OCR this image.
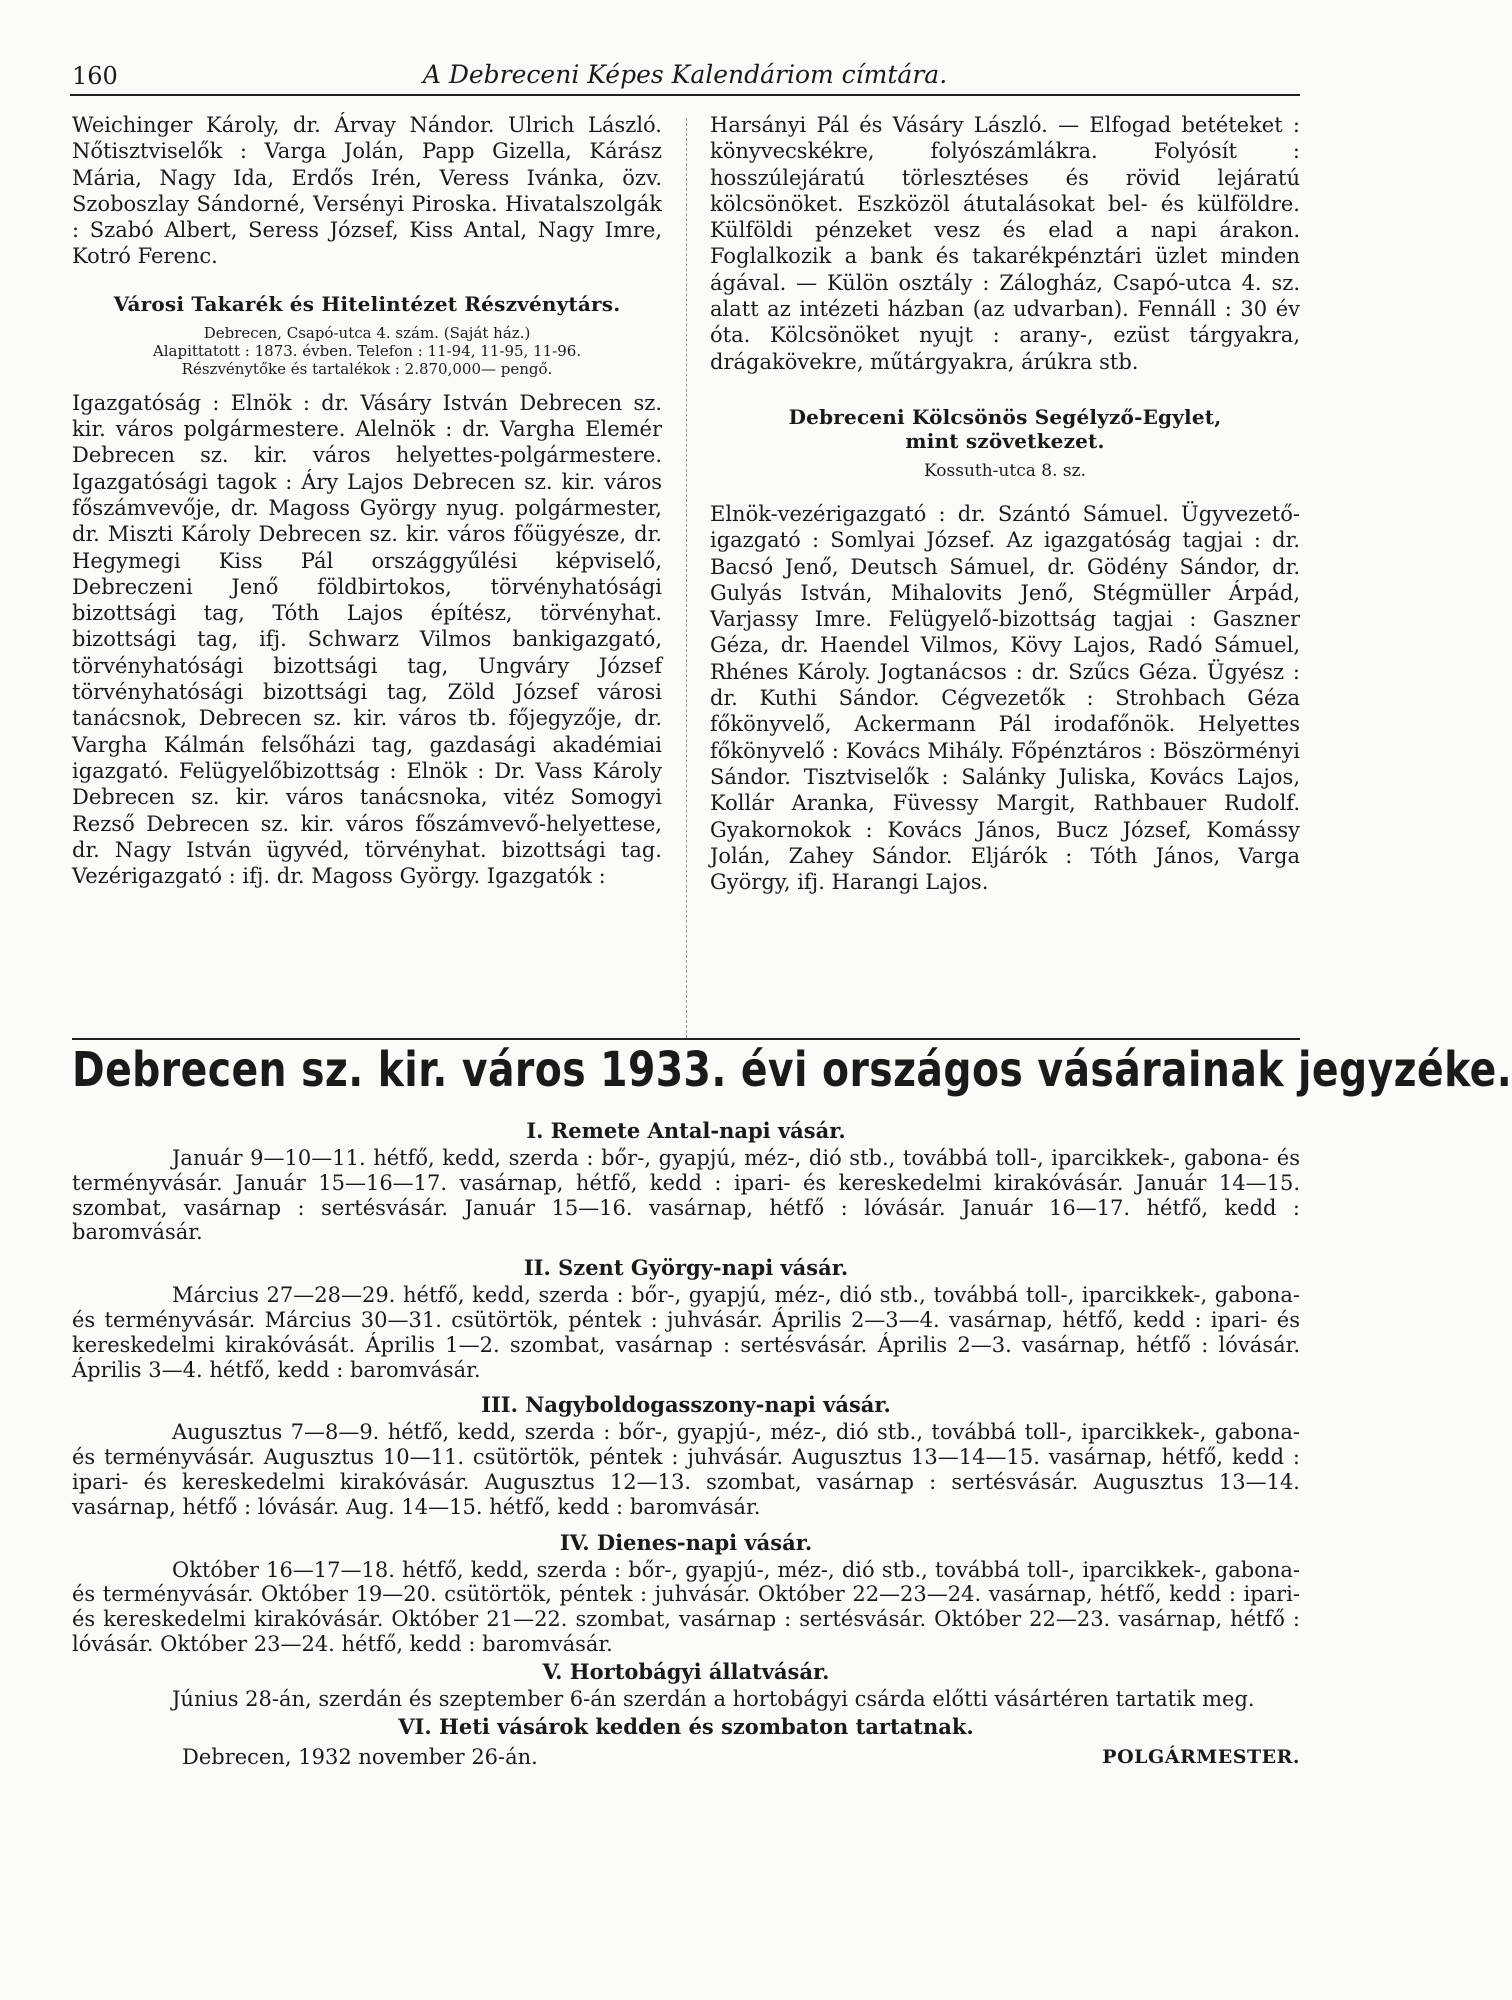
160	A Debreceni Képes Kalendáriom címtára.

Weichinger Károly, dr. Árvay Nándor. Ulrich László. Nőtisztviselők : Varga Jolán, Papp Gizella, Kárász Mária, Nagy Ida, Erdős Irén, Veress Ivánka, özv. Szoboszlay Sándorné, Versényi Piroska. Hivatalszolgák : Szabó Albert, Seress József, Kiss Antal, Nagy Imre, Kotró Ferenc.

Városi Takarék és Hitelintézet Részvénytárs.

Debrecen, Csapó-utca 4. szám. (Saját ház.)

Alapittatott : 1873. évben. Telefon : 11-94, 11-95, 11-96.

Részvénytőke és tartalékok : 2.870,000— pengő.

Igazgatóság : Elnök : dr. Vásáry István Debrecen sz. kir. város polgármestere. Alelnök : dr. Vargha Elemér Debrecen sz. kir. város helyettes-polgármestere. Igazgatósági tagok : Áry Lajos Debrecen sz. kir. város főszámvevője, dr. Magoss György nyug. polgármester, dr. Miszti Károly Debrecen sz. kir. város főügyésze, dr. Hegymegi Kiss Pál országgyűlési képviselő, Debreczeni Jenő földbirtokos, törvényhatósági bizottsági tag, Tóth Lajos építész, törvényhat. bizottsági tag, ifj. Schwarz Vilmos bankigazgató, törvényhatósági bizottsági tag, Ungváry József törvényhatósági bizottsági tag, Zöld József városi tanácsnok, Debrecen sz. kir. város tb. főjegyzője, dr. Vargha Kálmán felsőházi tag, gazdasági akadémiai igazgató. Felügyelőbizottság : Elnök : Dr. Vass Károly Debrecen sz. kir. város tanácsnoka, vitéz Somogyi Rezső Debrecen sz. kir. város főszámvevő-helyettese, dr. Nagy István ügyvéd, törvényhat. bizottsági tag. Vezérigazgató : ifj. dr. Magoss György. Igazgatók :

Harsányi Pál és Vásáry László. — Elfogad betéteket : könyvecskékre, folyószámlákra. Folyósít : hosszúlejáratú törlesztéses és rövid lejáratú kölcsönöket. Eszközöl átutalásokat bel- és külföldre. Külföldi pénzeket vesz és elad a napi árakon. Foglalkozik a bank és takarékpénztári üzlet minden ágával. — Külön osztály : Zálogház, Csapó-utca 4. sz. alatt az intézeti házban (az udvarban). Fennáll : 30 év óta. Kölcsönöket nyujt : arany-, ezüst tárgyakra, drágakövekre, műtárgyakra, árúkra stb.

Debreceni Kölcsönös Segélyző-Egylet,

mint szövetkezet.

Kossuth-utca 8. sz.

Elnök-vezérigazgató : dr. Szántó Sámuel. Ügyvezető-igazgató : Somlyai József. Az igazgatóság tagjai : dr. Bacsó Jenő, Deutsch Sámuel, dr. Gödény Sándor, dr. Gulyás István, Mihalovits Jenő, Stégmüller Árpád, Varjassy Imre. Felügyelő-bizottság tagjai : Gaszner Géza, dr. Haendel Vilmos, Kövy Lajos, Radó Sámuel, Rhénes Károly. Jogtanácsos : dr. Szűcs Géza. Ügyész : dr. Kuthi Sándor. Cégvezetők : Strohbach Géza főkönyvelő, Ackermann Pál irodafőnök. Helyettes főkönyvelő : Kovács Mihály. Főpénztáros : Böszörményi Sándor. Tisztviselők : Salánky Juliska, Kovács Lajos, Kollár Aranka, Füvessy Margit, Rathbauer Rudolf. Gyakornokok : Kovács János, Bucz József, Komássy Jolán, Zahey Sándor. Eljárók : Tóth János, Varga György, ifj. Harangi Lajos.

Debrecen sz. kir. város 1933. évi országos vásárainak jegyzéke.

I. Remete Antal-napi vásár.

Január 9—10—11. hétfő, kedd, szerda : bőr-, gyapjú, méz-, dió stb., továbbá toll-, iparcikkek-, gabona- és terményvásár. Január 15—16—17. vasárnap, hétfő, kedd : ipari- és kereskedelmi kirakóvásár. Január 14—15. szombat, vasárnap : sertésvásár. Január 15—16. vasárnap, hétfő : lóvásár. Január 16—17. hétfő, kedd : baromvásár.

II. Szent György-napi vásár.

Március 27—28—29. hétfő, kedd, szerda : bőr-, gyapjú, méz-, dió stb., továbbá toll-, iparcikkek-, gabona- és terményvásár. Március 30—31. csütörtök, péntek : juhvásár. Április 2—3—4. vasárnap, hétfő, kedd : ipari- és kereskedelmi kirakóvását. Április 1—2. szombat, vasárnap : sertésvásár. Április 2—3. vasárnap, hétfő : lóvásár. Április 3—4. hétfő, kedd : baromvásár.

III. Nagyboldogasszony-napi vásár.

Augusztus 7—8—9. hétfő, kedd, szerda : bőr-, gyapjú-, méz-, dió stb., továbbá toll-, iparcikkek-, gabona- és terményvásár. Augusztus 10—11. csütörtök, péntek : juhvásár. Augusztus 13—14—15. vasárnap, hétfő, kedd : ipari- és kereskedelmi kirakóvásár. Augusztus 12—13. szombat, vasárnap : sertésvásár. Augusztus 13—14. vasárnap, hétfő : lóvásár. Aug. 14—15. hétfő, kedd : baromvásár.

IV. Dienes-napi vásár.

Október 16—17—18. hétfő, kedd, szerda : bőr-, gyapjú-, méz-, dió stb., továbbá toll-, iparcikkek-, gabona- és terményvásár. Október 19—20. csütörtök, péntek : juhvásár. Október 22—23—24. vasárnap, hétfő, kedd : ipari- és kereskedelmi kirakóvásár. Október 21—22. szombat, vasárnap : sertésvásár. Október 22—23. vasárnap, hétfő : lóvásár. Október 23—24. hétfő, kedd : baromvásár.

V. Hortobágyi állatvásár.

Június 28-án, szerdán és szeptember 6-án szerdán a hortobágyi csárda előtti vásártéren tartatik meg.

VI. Heti vásárok kedden és szombaton tartatnak.

Debrecen, 1932 november 26-án.	POLGÁRMESTER.
